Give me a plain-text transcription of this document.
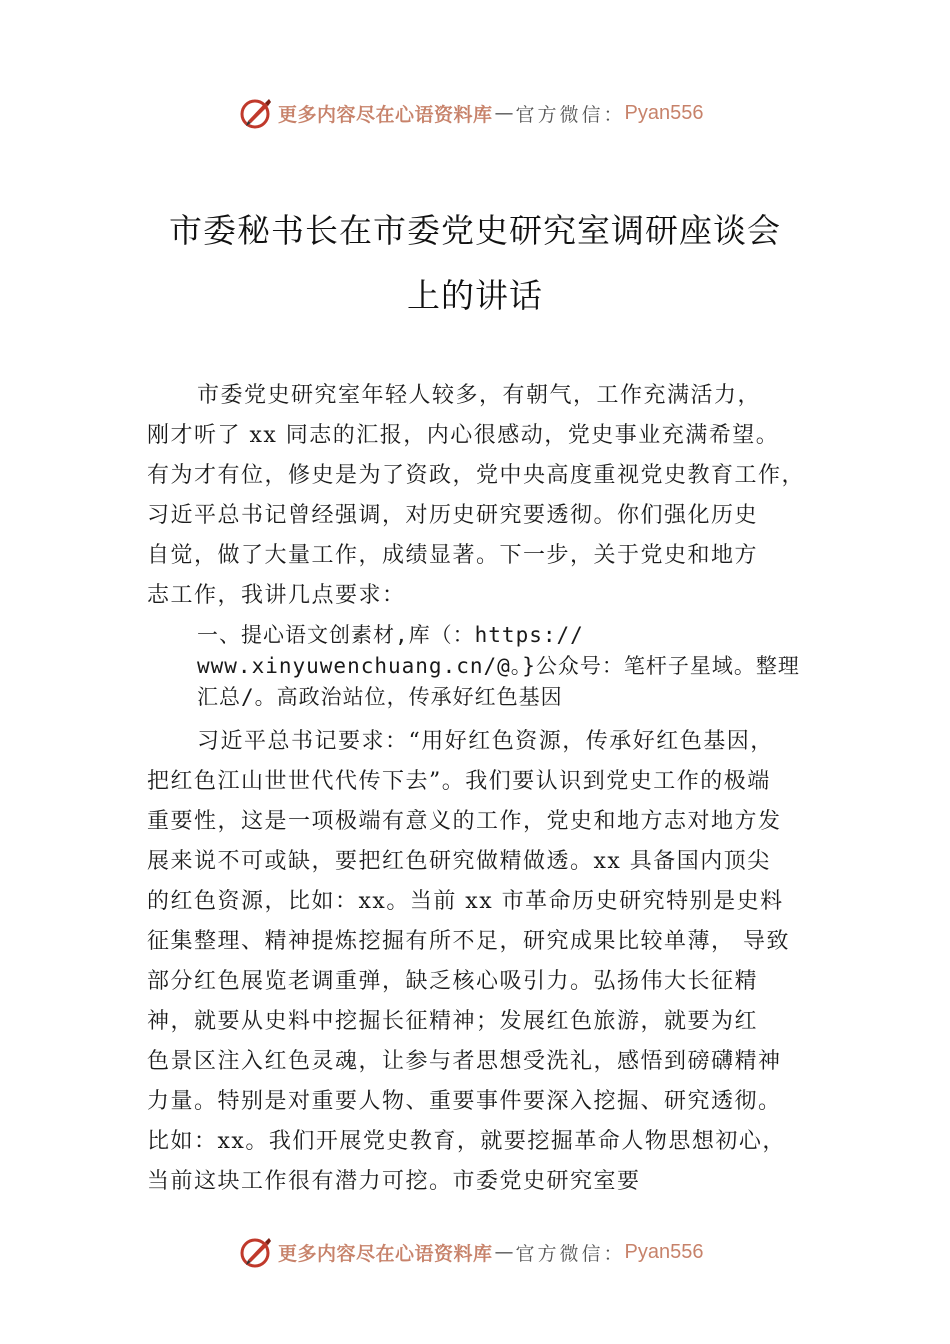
更多内容尽在心语资料库 — 官方微信 ： Pyan556
市委秘书长在市委党史研究室调研座谈会
上的讲话
市委党史研究室年轻人较多，有朝气，工作充满活力，
刚才听了 xx 同志的汇报，内心很感动，党史事业充满希望。
有为才有位，修史是为了资政，党中央高度重视党史教育工作，
习近平总书记曾经强调，对历史研究要透彻。你们强化历史
自觉，做了大量工作，成绩显著。下一步，关于党史和地方
志工作，我讲几点要求：
一、提心语文创素材,库（：https://
www.xinyuwenchuang.cn/@。}公众号：笔杆子星域。整理
汇总/。高政治站位，传承好红色基因
习近平总书记要求：“用好红色资源，传承好红色基因，
把红色江山世世代代传下去”。我们要认识到党史工作的极端
重要性，这是一项极端有意义的工作，党史和地方志对地方发
展来说不可或缺，要把红色研究做精做透。xx 具备国内顶尖
的红色资源，比如：xx。当前 xx 市革命历史研究特别是史料
征集整理、精神提炼挖掘有所不足，研究成果比较单薄， 导致
部分红色展览老调重弹，缺乏核心吸引力。弘扬伟大长征精
神，就要从史料中挖掘长征精神；发展红色旅游，就要为红
色景区注入红色灵魂，让参与者思想受洗礼，感悟到磅礴精神
力量。特别是对重要人物、重要事件要深入挖掘、研究透彻。
比如：xx。我们开展党史教育，就要挖掘革命人物思想初心，
当前这块工作很有潜力可挖。市委党史研究室要
更多内容尽在心语资料库 — 官方微信 ： Pyan556
